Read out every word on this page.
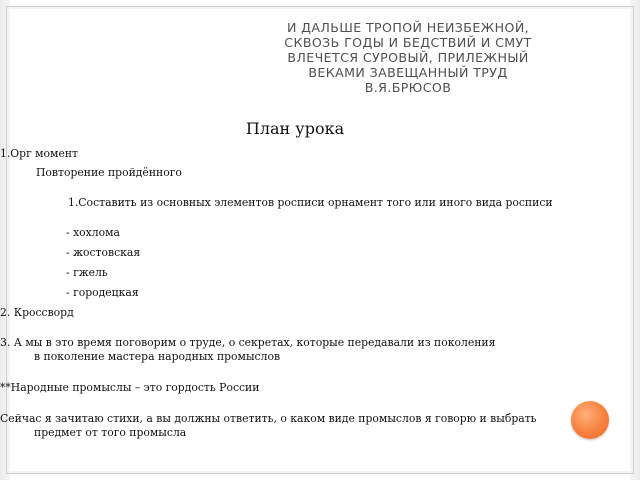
И ДАЛЬШЕ ТРОПОЙ НЕИЗБЕЖНОЙ,
СКВОЗЬ ГОДЫ И БЕДСТВИЙ И СМУТ
ВЛЕЧЕТСЯ СУРОВЫЙ, ПРИЛЕЖНЫЙ
ВЕКАМИ ЗАВЕЩАННЫЙ ТРУД
В.Я.БРЮСОВ
План урока

1.Орг момент

Повторение пройдённого

1.Составить из основных элементов росписи орнамент того или иного вида росписи

- хохлома

- жостовская

- гжель

- городецкая

2. Кроссворд

3. А мы в это время поговорим о труде, о секретах, которые передавали из поколения в поколение мастера народных промыслов

**Народные промыслы – это гордость России

Сейчас я зачитаю стихи, а вы должны ответить, о каком виде промыслов я говорю и выбрать предмет от того промысла
